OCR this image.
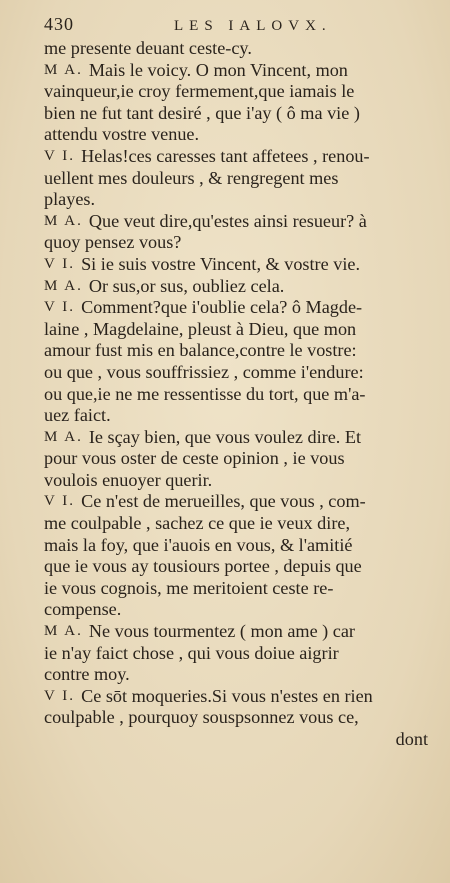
430	LES IALOVX.
me presente deuant ceste-cy.
M A. Mais le voicy. O mon Vincent, mon
vainqueur,ie croy fermement,que iamais le
bien ne fut tant desiré , que i'ay ( ô ma vie )
attendu vostre venue.
V I. Helas!ces caresses tant affetees , renou-
uellent mes douleurs , & rengregent mes
playes.
M A. Que veut dire,qu'estes ainsi resueur? à
quoy pensez vous?
V I. Si ie suis vostre Vincent, & vostre vie.
M A. Or sus,or sus, oubliez cela.
V I. Comment?que i'oublie cela? ô Magde-
laine , Magdelaine, pleust à Dieu, que mon
amour fust mis en balance,contre le vostre:
ou que , vous souffrissiez , comme i'endure:
ou que,ie ne me ressentisse du tort, que m'a-
uez faict.
M A. Ie sçay bien, que vous voulez dire. Et
pour vous oster de ceste opinion , ie vous
voulois enuoyer querir.
V I. Ce n'est de merueilles, que vous , com-
me coulpable , sachez ce que ie veux dire,
mais la foy, que i'auois en vous, & l'amitié
que ie vous ay tousiours portee , depuis que
ie vous cognois, me meritoient ceste re-
compense.
M A. Ne vous tourmentez ( mon ame ) car
ie n'ay faict chose , qui vous doiue aigrir
contre moy.
V I. Ce sōt moqueries.Si vous n'estes en rien
coulpable , pourquoy souspsonnez vous ce,
dont
